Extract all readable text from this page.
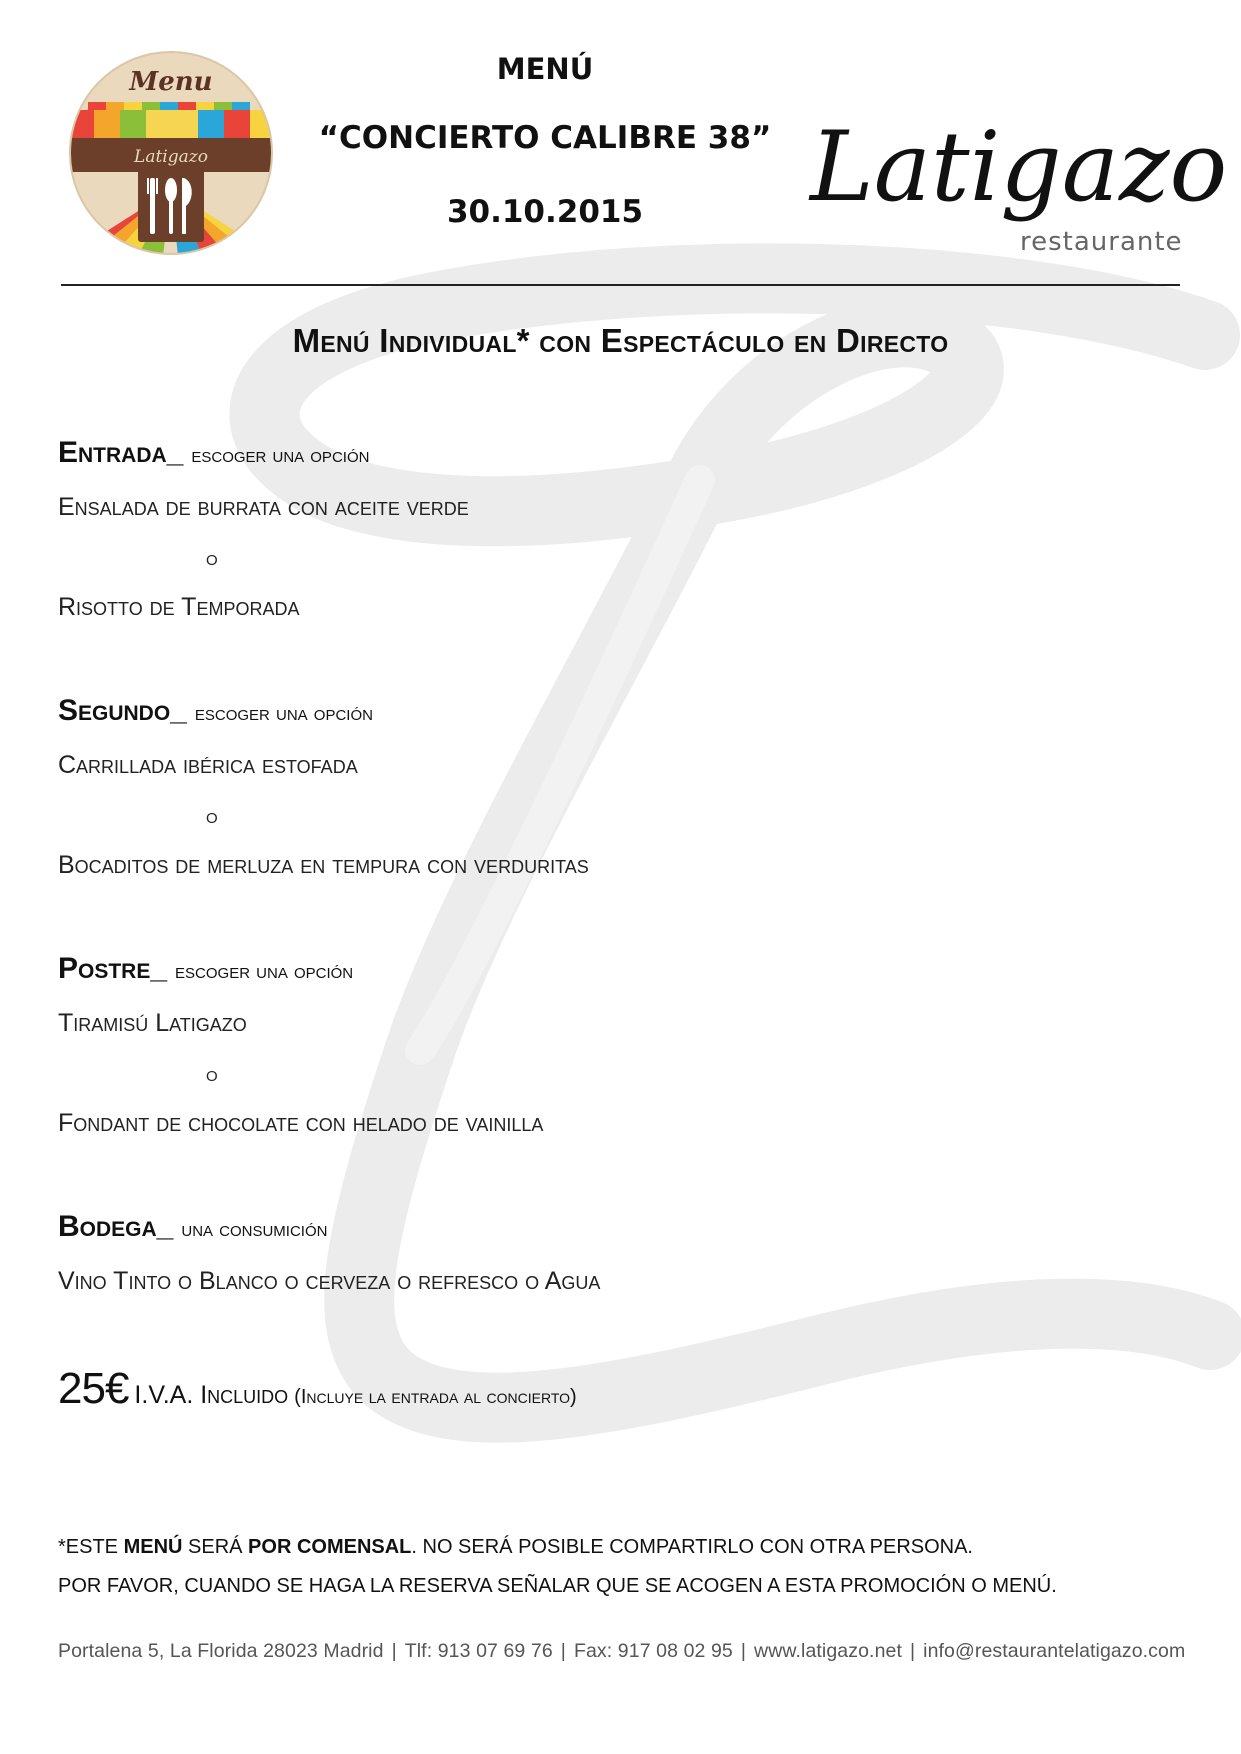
Menu
Latigazo
MENÚ
“CONCIERTO CALIBRE 38”
30.10.2015	Latigazo
restaurante
Menú Individual* con Espectáculo en Directo
Entrada_ escoger una opción
Ensalada de burrata con aceite verde
o
Risotto de Temporada
Segundo_ escoger una opción
Carrillada ibérica estofada
o
Bocaditos de merluza en tempura con verduritas
Postre_ escoger una opción
Tiramisú Latigazo
o
Fondant de chocolate con helado de vainilla
Bodega_ una consumición
Vino Tinto o Blanco o cerveza o refresco o Agua
25€ I.V.A. Incluido (Incluye la entrada al concierto)
*ESTE MENÚ SERÁ POR COMENSAL. NO SERÁ POSIBLE COMPARTIRLO CON OTRA PERSONA.
POR FAVOR, CUANDO SE HAGA LA RESERVA SEÑALAR QUE SE ACOGEN A ESTA PROMOCIÓN O MENÚ.
Portalena 5, La Florida 28023 Madrid | Tlf: 913 07 69 76 | Fax: 917 08 02 95 | www.latigazo.net | info@restaurantelatigazo.com
